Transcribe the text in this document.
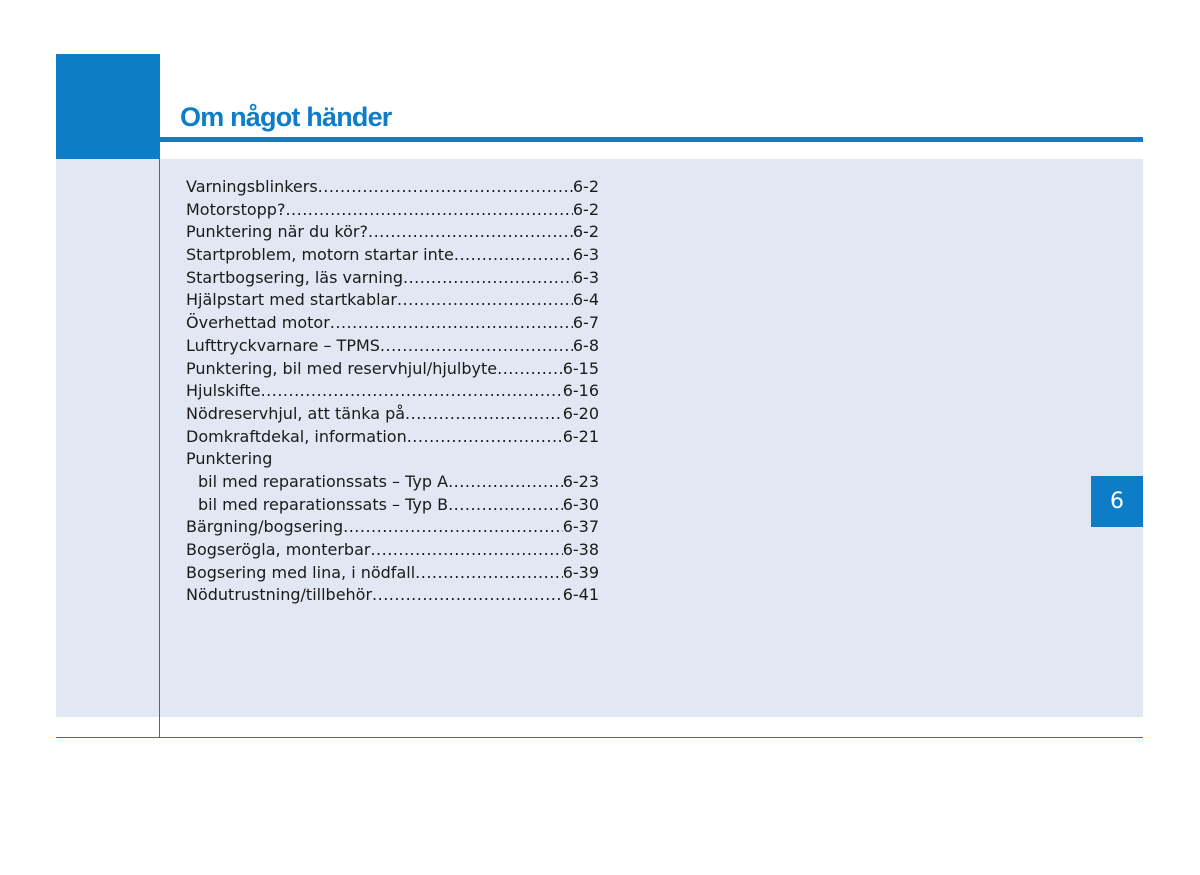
Om något händer
Varningsblinkers .....	6-2
Motorstopp? .....	6-2
Punktering när du kör? .....	6-2
Startproblem, motorn startar inte .....	6-3
Startbogsering, läs varning .....	6-3
Hjälpstart med startkablar .....	6-4
Överhettad motor .....	6-7
Lufttryckvarnare – TPMS .....	6-8
Punktering, bil med reservhjul/hjulbyte .....	6-15
Hjulskifte .....	6-16
Nödreservhjul, att tänka på .....	6-20
Domkraftdekal, information .....	6-21
Punktering
bil med reparationssats – Typ A .....	6-23
bil med reparationssats – Typ B .....	6-30
Bärgning/bogsering .....	6-37
Bogserögla, monterbar .....	6-38
Bogsering med lina, i nödfall .....	6-39
Nödutrustning/tillbehör .....	6-41
6
